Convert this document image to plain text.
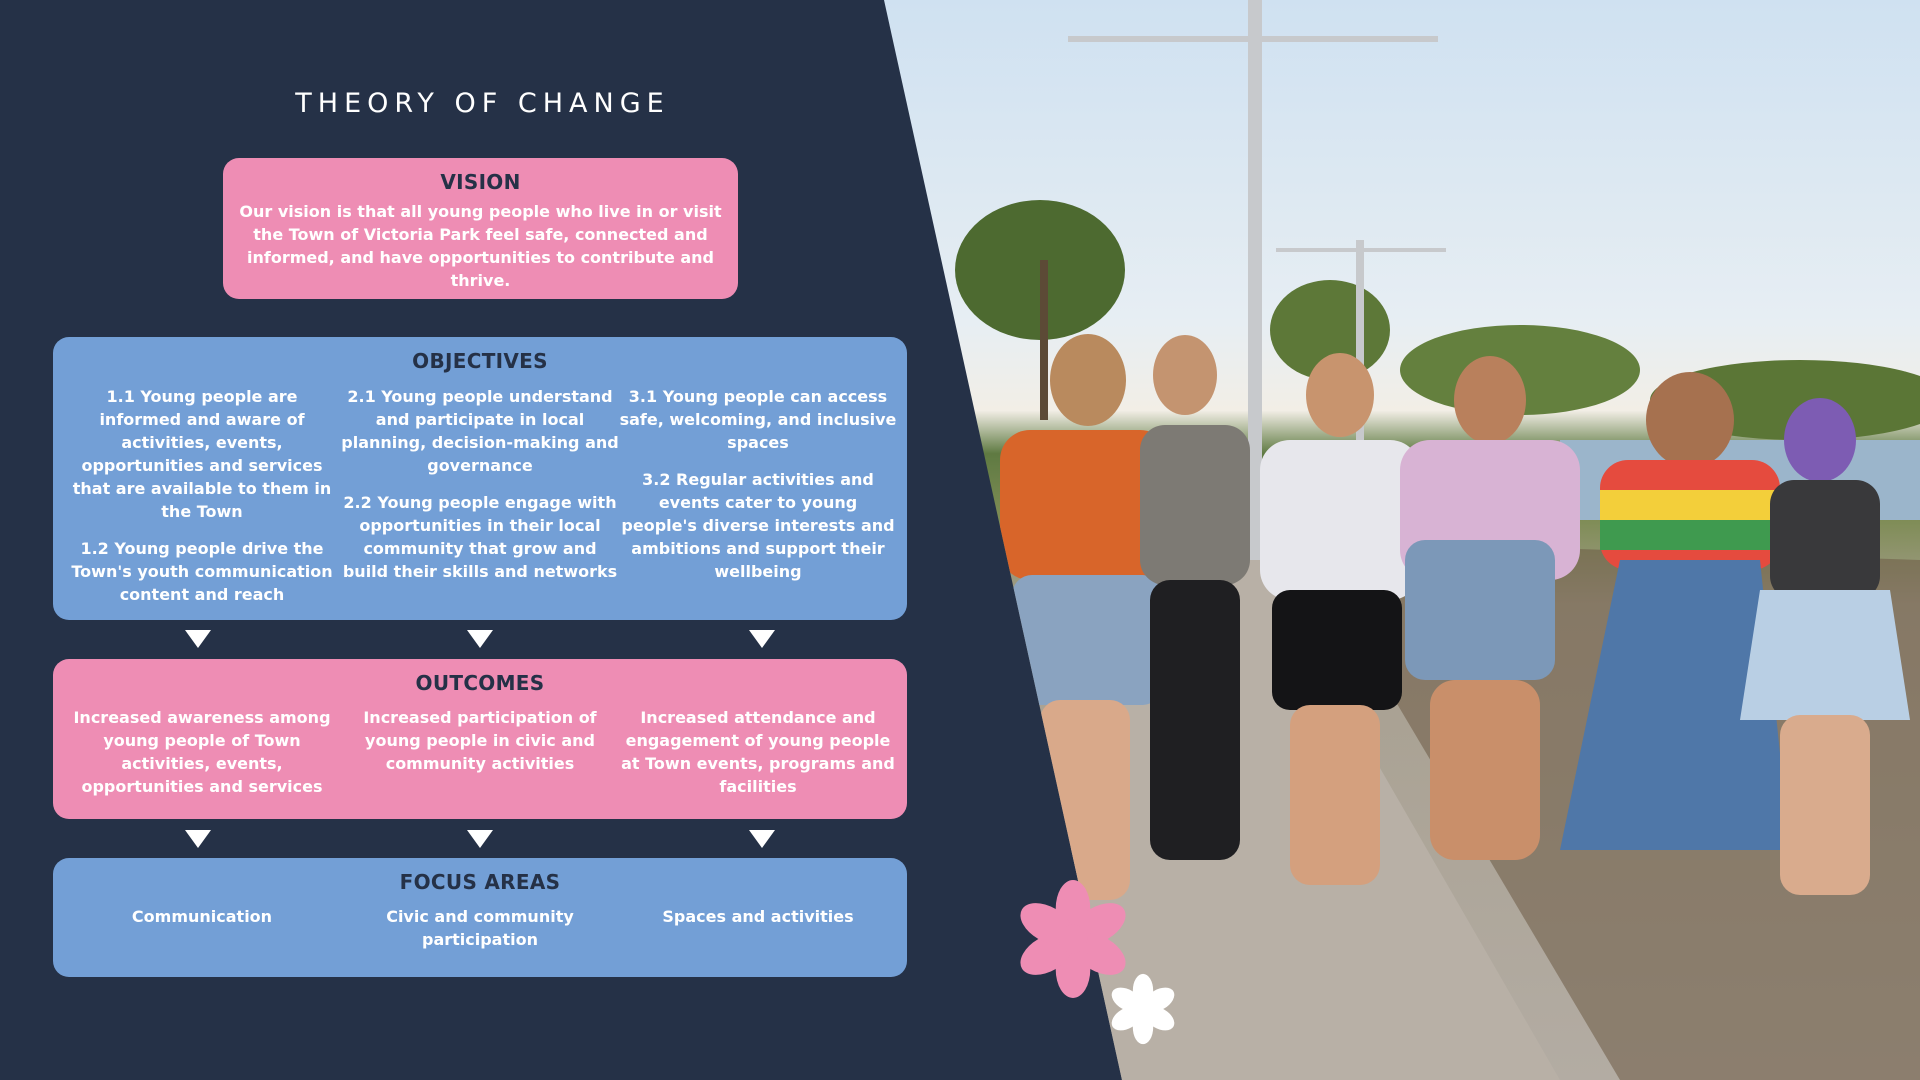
THEORY OF CHANGE
VISION
Our vision is that all young people who live in or visit the Town of Victoria Park feel safe, connected and informed, and have opportunities to contribute and thrive.
OBJECTIVES

1.1 Young people are informed and aware of activities, events, opportunities and services that are available to them in the Town

1.2 Young people drive the Town's youth communication content and reach

2.1 Young people understand and participate in local planning, decision-making and governance

2.2 Young people engage with opportunities in their local community that grow and build their skills and networks

3.1 Young people can access safe, welcoming, and inclusive spaces

3.2 Regular activities and events cater to young people's diverse interests and ambitions and support their wellbeing

OUTCOMES
Increased awareness among young people of Town activities, events, opportunities and services
Increased participation of young people in civic and community activities
Increased attendance and engagement of young people at Town events, programs and facilities
FOCUS AREAS
Communication	Civic and community participation
Spaces and activities
